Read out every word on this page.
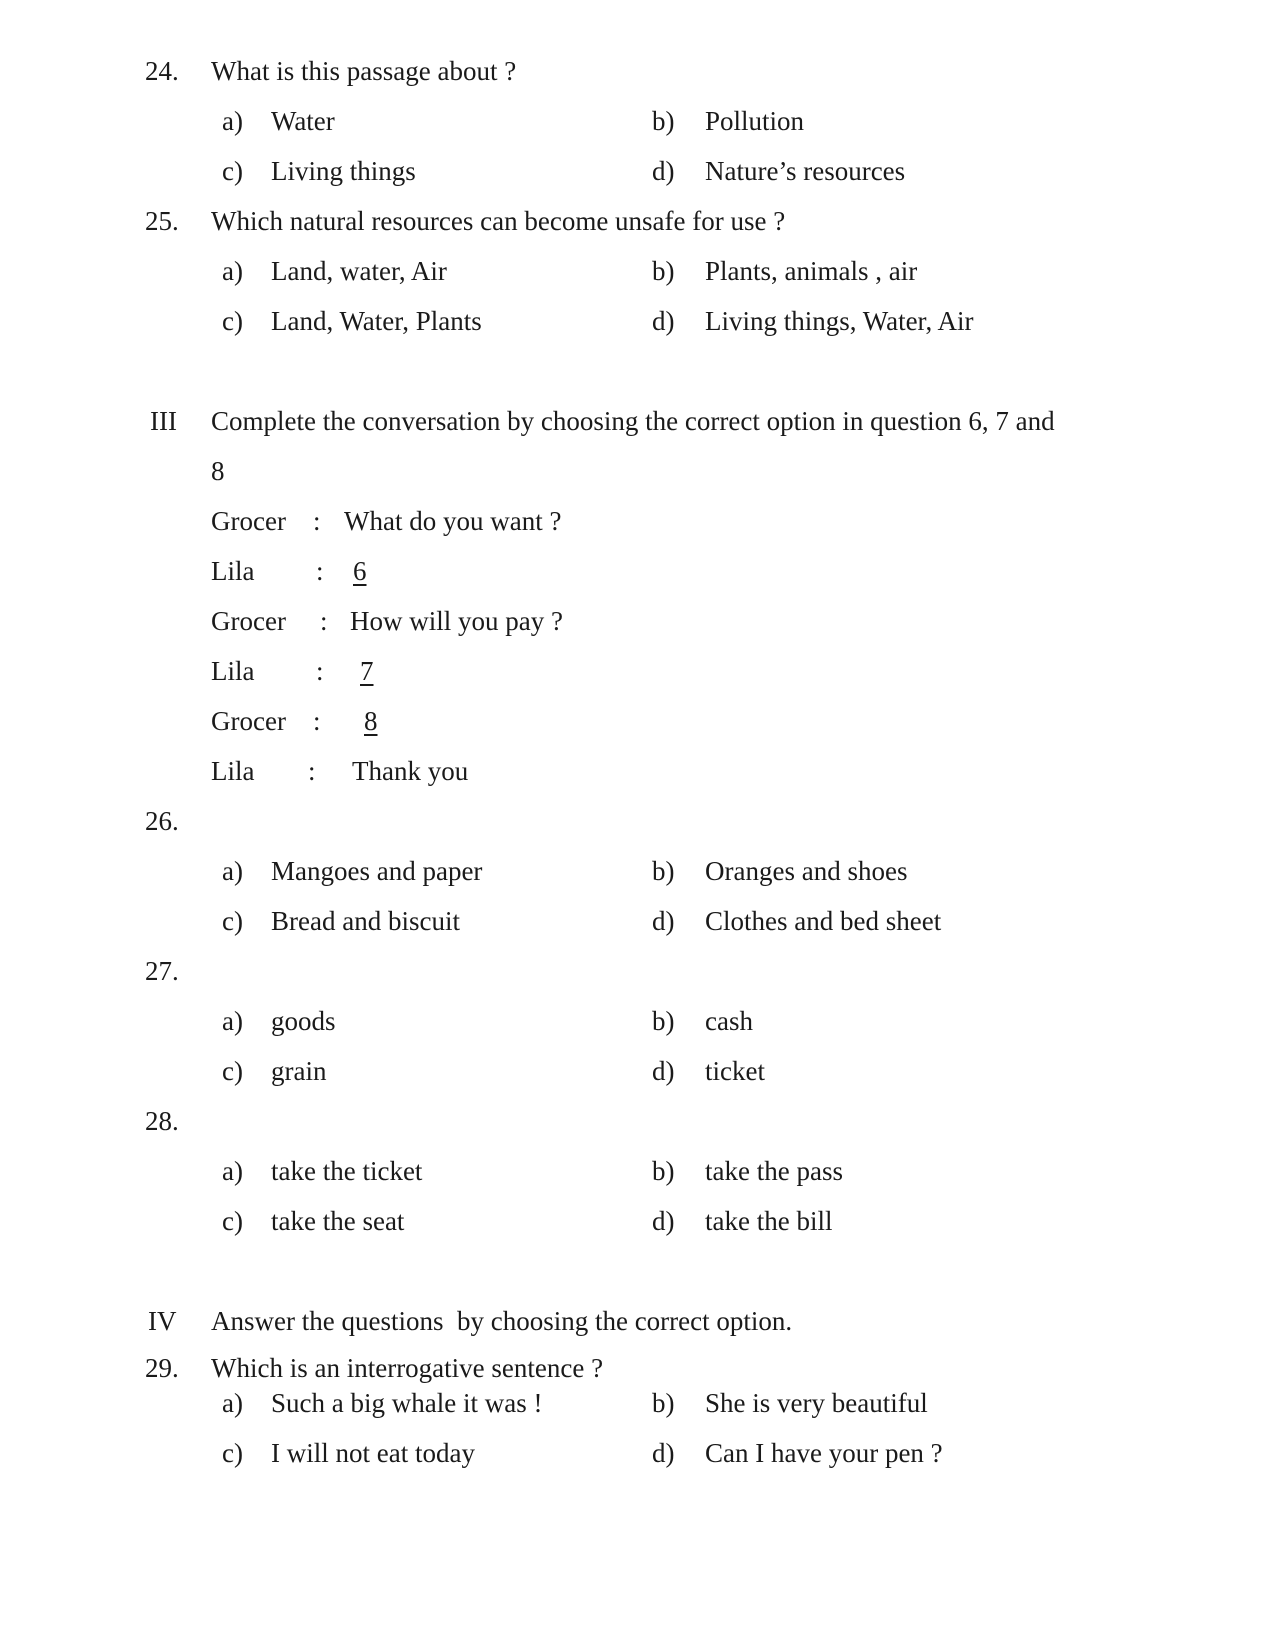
24. What is this passage about ?
a) Water	b) Pollution
c) Living things	d) Nature’s resources
25. Which natural resources can become unsafe for use ?
a) Land, water, Air	b) Plants, animals , air
c) Land, Water, Plants	d) Living things, Water, Air
III Complete the conversation by choosing the correct option in question 6, 7 and
8
Grocer : What do you want ?
Lila : 6
Grocer : How will you pay ?
Lila : 7
Grocer : 8
Lila : Thank you
26.
a) Mangoes and paper	b) Oranges and shoes
c) Bread and biscuit	d) Clothes and bed sheet
27.
a) goods	b) cash
c) grain	d) ticket
28.
a) take the ticket	b) take the pass
c) take the seat	d) take the bill
IV Answer the questions  by choosing the correct option.
29. Which is an interrogative sentence ?
a) Such a big whale it was !	b) She is very beautiful
c) I will not eat today	d) Can I have your pen ?
